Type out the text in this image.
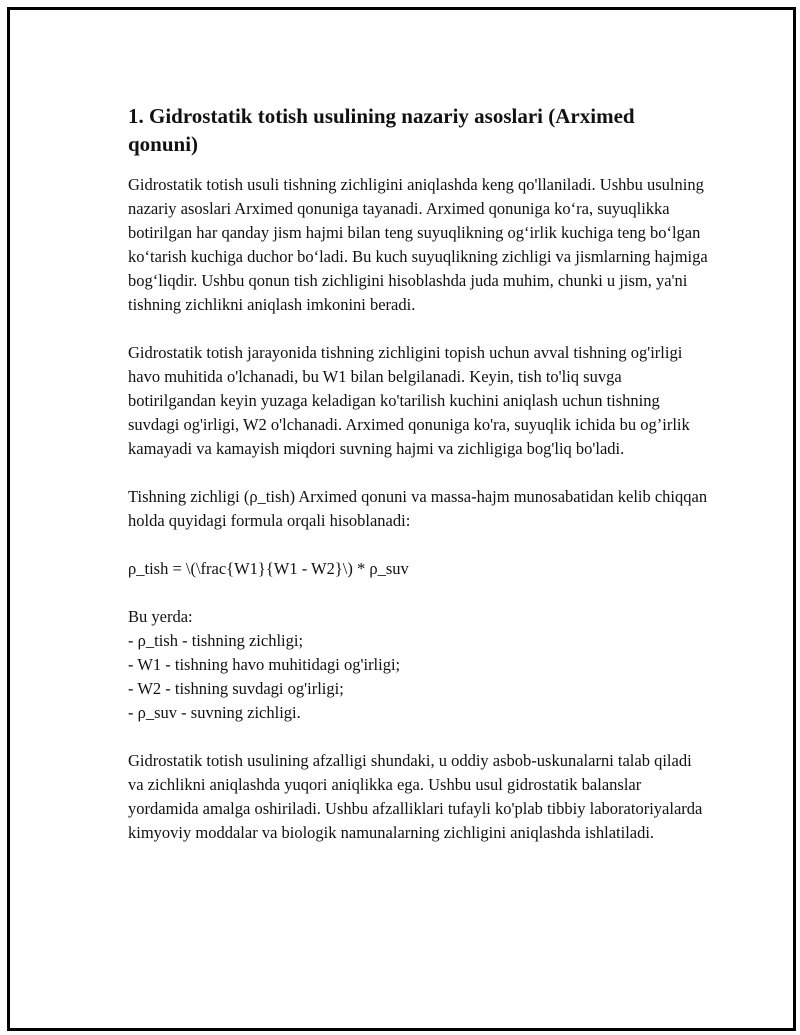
1. Gidrostatik totish usulining nazariy asoslari (Arximed qonuni)

Gidrostatik totish usuli tishning zichligini aniqlashda keng qo'llaniladi. Ushbu usulning nazariy asoslari Arximed qonuniga tayanadi. Arximed qonuniga koʻra, suyuqlikka botirilgan har qanday jism hajmi bilan teng suyuqlikning ogʻirlik kuchiga teng boʻlgan koʻtarish kuchiga duchor boʻladi. Bu kuch suyuqlikning zichligi va jismlarning hajmiga bogʻliqdir. Ushbu qonun tish zichligini hisoblashda juda muhim, chunki u jism, ya'ni tishning zichlikni aniqlash imkonini beradi.

Gidrostatik totish jarayonida tishning zichligini topish uchun avval tishning og'irligi havo muhitida o'lchanadi, bu W1 bilan belgilanadi. Keyin, tish to'liq suvga botirilgandan keyin yuzaga keladigan ko'tarilish kuchini aniqlash uchun tishning suvdagi og'irligi, W2 o'lchanadi. Arximed qonuniga ko'ra, suyuqlik ichida bu og’irlik kamayadi va kamayish miqdori suvning hajmi va zichligiga bog'liq bo'ladi.

Tishning zichligi (ρ_tish) Arximed qonuni va massa-hajm munosabatidan kelib chiqqan holda quyidagi formula orqali hisoblanadi:

ρ_tish = \(\frac{W1}{W1 - W2}\) * ρ_suv

Bu yerda:

- ρ_tish - tishning zichligi;
- W1 - tishning havo muhitidagi og'irligi;
- W2 - tishning suvdagi og'irligi;
- ρ_suv - suvning zichligi.

Gidrostatik totish usulining afzalligi shundaki, u oddiy asbob-uskunalarni talab qiladi va zichlikni aniqlashda yuqori aniqlikka ega. Ushbu usul gidrostatik balanslar yordamida amalga oshiriladi. Ushbu afzalliklari tufayli ko'plab tibbiy laboratoriyalarda kimyoviy moddalar va biologik namunalarning zichligini aniqlashda ishlatiladi.
